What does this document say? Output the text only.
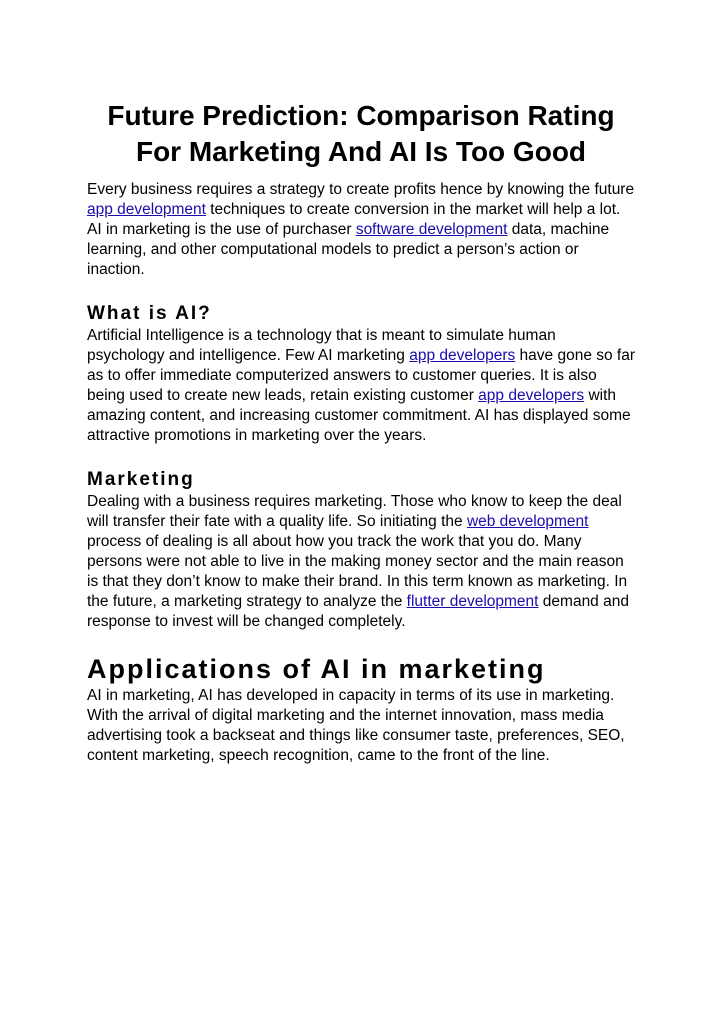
Future Prediction: Comparison Rating For Marketing And AI Is Too Good

Every business requires a strategy to create profits hence by knowing the future app development techniques to create conversion in the market will help a lot. AI in marketing is the use of purchaser software development data, machine learning, and other computational models to predict a person’s action or inaction.

What is AI?

Artificial Intelligence is a technology that is meant to simulate human psychology and intelligence. Few AI marketing app developers have gone so far as to offer immediate computerized answers to customer queries. It is also being used to create new leads, retain existing customer app developers with amazing content, and increasing customer commitment. AI has displayed some attractive promotions in marketing over the years.

Marketing

Dealing with a business requires marketing. Those who know to keep the deal will transfer their fate with a quality life. So initiating the web development process of dealing is all about how you track the work that you do. Many persons were not able to live in the making money sector and the main reason is that they don’t know to make their brand. In this term known as marketing. In the future, a marketing strategy to analyze the flutter development demand and response to invest will be changed completely.

Applications of AI in marketing

AI in marketing, AI has developed in capacity in terms of its use in marketing. With the arrival of digital marketing and the internet innovation, mass media advertising took a backseat and things like consumer taste, preferences, SEO, content marketing, speech recognition, came to the front of the line.
